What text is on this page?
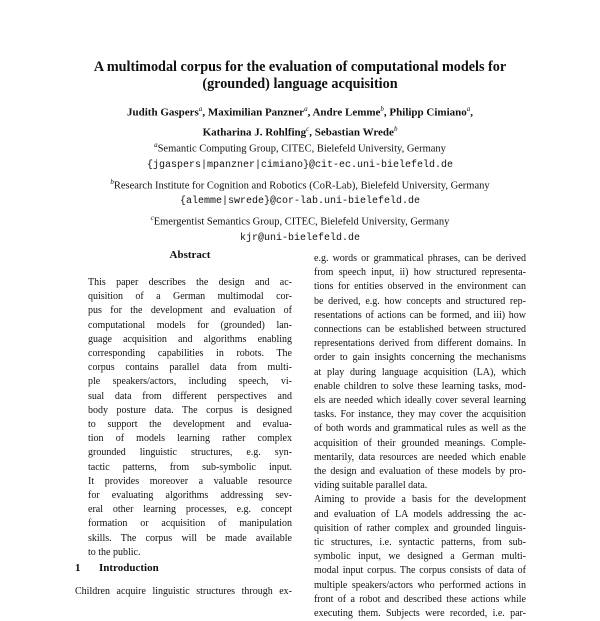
A multimodal corpus for the evaluation of computational models for
(grounded) language acquisition
Judith Gaspers$^a$, Maximilian Panzner$^a$, Andre Lemme$^b$, Philipp Cimiano$^a$,
Katharina J. Rohlfing$^c$, Sebastian Wrede$^b$
$^a$Semantic Computing Group, CITEC, Bielefeld University, Germany
{jgaspers|mpanzner|cimiano}@cit-ec.uni-bielefeld.de
$^b$Research Institute for Cognition and Robotics (CoR-Lab), Bielefeld University, Germany
{alemme|swrede}@cor-lab.uni-bielefeld.de
$^c$Emergentist Semantics Group, CITEC, Bielefeld University, Germany
kjr@uni-bielefeld.de
Abstract
This paper describes the design and ac-
quisition of a German multimodal cor-
pus for the development and evaluation of
computational models for (grounded) lan-
guage acquisition and algorithms enabling
corresponding capabilities in robots. The
corpus contains parallel data from multi-
ple speakers/actors, including speech, vi-
sual data from different perspectives and
body posture data. The corpus is designed
to support the development and evalua-
tion of models learning rather complex
grounded linguistic structures, e.g. syn-
tactic patterns, from sub-symbolic input.
It provides moreover a valuable resource
for evaluating algorithms addressing sev-
eral other learning processes, e.g. concept
formation or acquisition of manipulation
skills. The corpus will be made available
to the public.
1 Introduction
Children acquire linguistic structures through ex-
e.g. words or grammatical phrases, can be derived
from speech input, ii) how structured representa-
tions for entities observed in the environment can
be derived, e.g. how concepts and structured rep-
resentations of actions can be formed, and iii) how
connections can be established between structured
representations derived from different domains. In
order to gain insights concerning the mechanisms
at play during language acquisition (LA), which
enable children to solve these learning tasks, mod-
els are needed which ideally cover several learning
tasks. For instance, they may cover the acquisition
of both words and grammatical rules as well as the
acquisition of their grounded meanings. Comple-
mentarily, data resources are needed which enable
the design and evaluation of these models by pro-
viding suitable parallel data.
Aiming to provide a basis for the development
and evaluation of LA models addressing the ac-
quisition of rather complex and grounded linguis-
tic structures, i.e. syntactic patterns, from sub-
symbolic input, we designed a German multi-
modal input corpus. The corpus consists of data of
multiple speakers/actors who performed actions in
front of a robot and described these actions while
executing them. Subjects were recorded, i.e. par-
